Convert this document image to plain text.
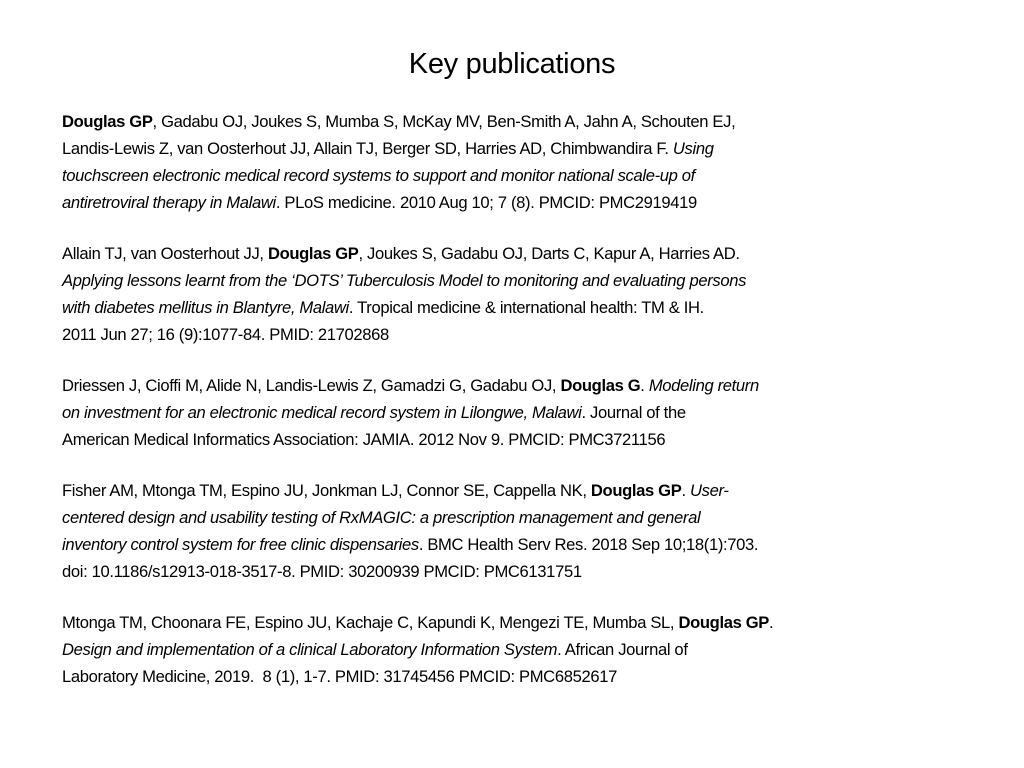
Key publications
Douglas GP, Gadabu OJ, Joukes S, Mumba S, McKay MV, Ben-Smith A, Jahn A, Schouten EJ,
Landis-Lewis Z, van Oosterhout JJ, Allain TJ, Berger SD, Harries AD, Chimbwandira F. Using
touchscreen electronic medical record systems to support and monitor national scale-up of
antiretroviral therapy in Malawi. PLoS medicine. 2010 Aug 10; 7 (8). PMCID: PMC2919419
Allain TJ, van Oosterhout JJ, Douglas GP, Joukes S, Gadabu OJ, Darts C, Kapur A, Harries AD.
Applying lessons learnt from the ‘DOTS’ Tuberculosis Model to monitoring and evaluating persons
with diabetes mellitus in Blantyre, Malawi. Tropical medicine & international health: TM & IH.
2011 Jun 27; 16 (9):1077-84. PMID: 21702868
Driessen J, Cioffi M, Alide N, Landis-Lewis Z, Gamadzi G, Gadabu OJ, Douglas G. Modeling return
on investment for an electronic medical record system in Lilongwe, Malawi. Journal of the
American Medical Informatics Association: JAMIA. 2012 Nov 9. PMCID: PMC3721156
Fisher AM, Mtonga TM, Espino JU, Jonkman LJ, Connor SE, Cappella NK, Douglas GP. User-
centered design and usability testing of RxMAGIC: a prescription management and general
inventory control system for free clinic dispensaries. BMC Health Serv Res. 2018 Sep 10;18(1):703.
doi: 10.1186/s12913-018-3517-8. PMID: 30200939 PMCID: PMC6131751
Mtonga TM, Choonara FE, Espino JU, Kachaje C, Kapundi K, Mengezi TE, Mumba SL, Douglas GP.
Design and implementation of a clinical Laboratory Information System. African Journal of
Laboratory Medicine, 2019.  8 (1), 1-7. PMID: 31745456 PMCID: PMC6852617
